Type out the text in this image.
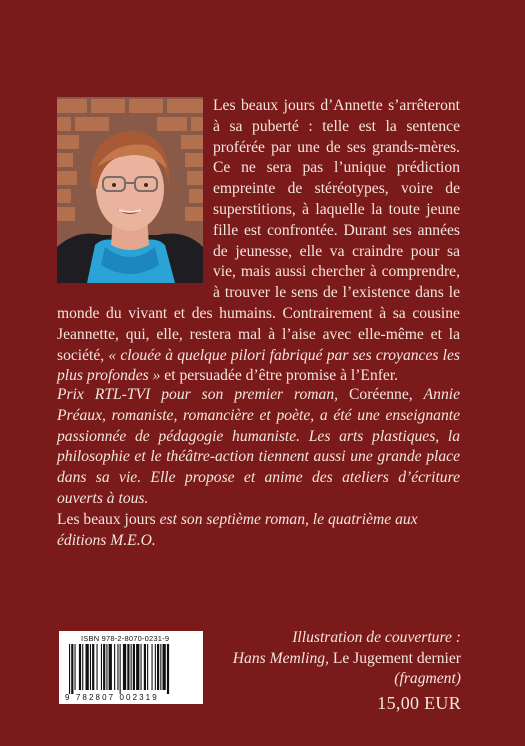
Les beaux jours d’Annette s’arrêteront à sa puberté : telle est la sentence proférée par une de ses grands-mères. Ce ne sera pas l’unique prédiction empreinte de stéréotypes, voire de superstitions, à laquelle la toute jeune fille est confrontée. Durant ses années de jeunesse, elle va craindre pour sa vie, mais aussi chercher à comprendre, à trouver le sens de l’existence dans le monde du vivant et des humains. Contrairement à sa cousine Jeannette, qui, elle, restera mal à l’aise avec elle-même et la société, « clouée à quelque pilori fabriqué par ses croyances les plus profondes » et persuadée d’être promise à l’Enfer.

Prix RTL-TVI pour son premier roman, Coréenne, Annie Préaux, romaniste, romancière et poète, a été une enseignante passionnée de pédagogie humaniste. Les arts plastiques, la philosophie et le théâtre-action tiennent aussi une grande place dans sa vie. Elle propose et anime des ateliers d’écriture ouverts à tous.

Les beaux jours est son septième roman, le quatrième aux éditions M.E.O.

ISBN 978-2-8070-0231-9
9 782807 002319
Illustration de couverture :
Hans Memling, Le Jugement dernier
(fragment)
15,00 EUR
